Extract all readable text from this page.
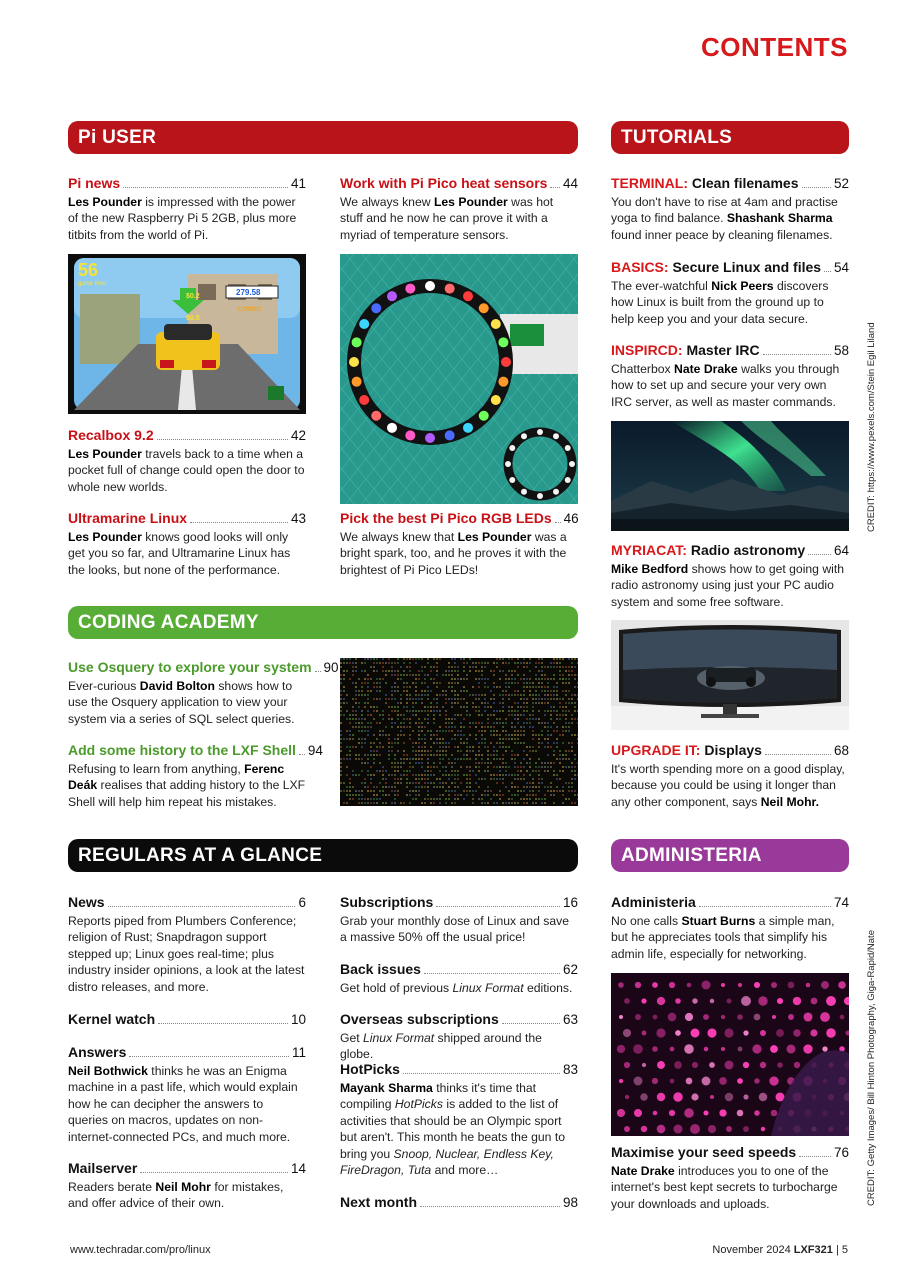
CONTENTS
Pi USER
Pi news	41
Les Pounder is impressed with the power of the new Raspberry Pi 5 2GB, plus more titbits from the world of Pi.
Work with Pi Pico heat sensors 44
We always knew Les Pounder was hot stuff and he now he can prove it with a myriad of temperature sensors.
56
game time
$0.2
$0.5
279.58
COMBO
Recalbox 9.2	42
Les Pounder travels back to a time when a pocket full of change could open the door to whole new worlds.
Ultramarine Linux	43
Les Pounder knows good looks will only get you so far, and Ultramarine Linux has the looks, but none of the performance.
Pick the best Pi Pico RGB LEDs 46
We always knew that Les Pounder was a bright spark, too, and he proves it with the brightest of Pi Pico LEDs!
CODING ACADEMY
Use Osquery to explore your system 90
Ever-curious David Bolton shows how to use the Osquery application to view your system via a series of SQL select queries.
Add some history to the LXF Shell 94
Refusing to learn from anything, Ferenc Deák realises that adding history to the LXF Shell will help him repeat his mistakes.
REGULARS AT A GLANCE
News	6
Reports piped from Plumbers Conference; religion of Rust; Snapdragon support stepped up; Linux goes real-time; plus industry insider opinions, a look at the latest distro releases, and more.
Kernel watch	10
Answers	11
Neil Bothwick thinks he was an Enigma machine in a past life, which would explain how he can decipher the answers to queries on macros, updates on non-internet-connected PCs, and much more.
Mailserver	14
Readers berate Neil Mohr for mistakes, and offer advice of their own.
Subscriptions	16
Grab your monthly dose of Linux and save a massive 50% off the usual price!
Back issues	62
Get hold of previous Linux Format editions.
Overseas subscriptions	63
Get Linux Format shipped around the globe.
HotPicks	83
Mayank Sharma thinks it's time that compiling HotPicks is added to the list of activities that should be an Olympic sport but aren't. This month he beats the gun to bring you Snoop, Nuclear, Endless Key, FireDragon, Tuta and more…
Next month	98
TUTORIALS
TERMINAL: Clean filenames	52
You don't have to rise at 4am and practise yoga to find balance. Shashank Sharma found inner peace by cleaning filenames.
BASICS: Secure Linux and files 54
The ever-watchful Nick Peers discovers how Linux is built from the ground up to help keep you and your data secure.
INSPIRCD: Master IRC	58
Chatterbox Nate Drake walks you through how to set up and secure your very own IRC server, as well as master commands.
MYRIACAT: Radio astronomy 64
Mike Bedford shows how to get going with radio astronomy using just your PC audio system and some free software.
UPGRADE IT: Displays	68
It's worth spending more on a good display, because you could be using it longer than any other component, says Neil Mohr.
ADMINISTERIA
Administeria	74
No one calls Stuart Burns a simple man, but he appreciates tools that simplify his admin life, especially for networking.
Maximise your seed speeds	76
Nate Drake introduces you to one of the internet's best kept secrets to turbocharge your downloads and uploads.
CREDIT: https://www.pexels.com/Stein Egil Liland
CREDIT: Getty Images/ Bill Hinton Photography, Giga-Rapid/Nate
www.techradar.com/pro/linux	November 2024 LXF321 | 5
